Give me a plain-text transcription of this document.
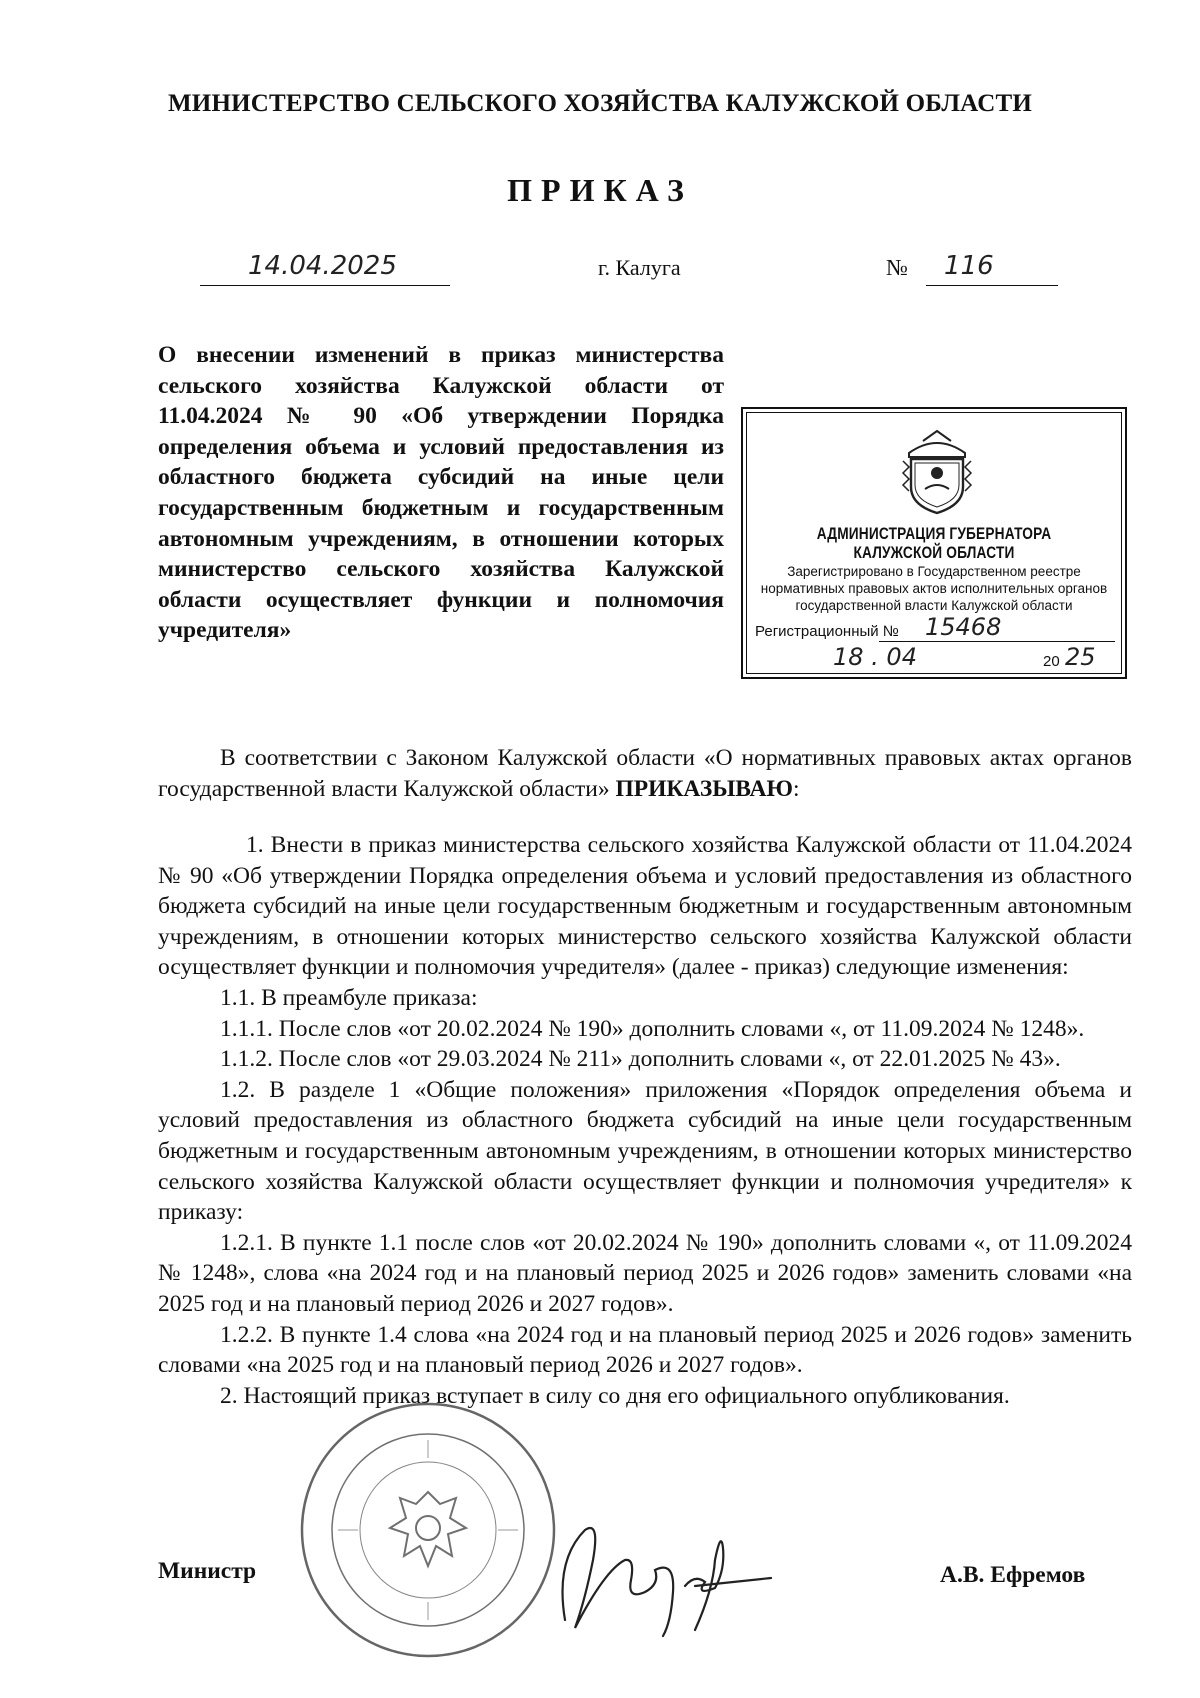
МИНИСТЕРСТВО СЕЛЬСКОГО ХОЗЯЙСТВА КАЛУЖСКОЙ ОБЛАСТИ
ПРИКАЗ
14.04.2025	г. Калуга	№ 116
О внесении изменений в приказ министерства сельского хозяйства Калужской области от 11.04.2024 № 90 «Об утверждении Порядка определения объема и условий предоставления из областного бюджета субсидий на иные цели государственным бюджетным и государственным автономным учреждениям, в отношении которых министерство сельского хозяйства Калужской области осуществляет функции и полномочия учредителя»
АДМИНИСТРАЦИЯ ГУБЕРНАТОРА КАЛУЖСКОЙ ОБЛАСТИ
Зарегистрировано в Государственном реестре нормативных правовых актов исполнительных органов государственной власти Калужской области
Регистрационный № 15468
18 . 04	20 25
В соответствии с Законом Калужской области «О нормативных правовых актах органов государственной власти Калужской области» ПРИКАЗЫВАЮ:

1. Внести в приказ министерства сельского хозяйства Калужской области от 11.04.2024 № 90 «Об утверждении Порядка определения объема и условий предоставления из областного бюджета субсидий на иные цели государственным бюджетным и государственным автономным учреждениям, в отношении которых министерство сельского хозяйства Калужской области осуществляет функции и полномочия учредителя» (далее - приказ) следующие изменения:

1.1. В преамбуле приказа:

1.1.1. После слов «от 20.02.2024 № 190» дополнить словами «, от 11.09.2024 № 1248».

1.1.2. После слов «от 29.03.2024 № 211» дополнить словами «, от 22.01.2025 № 43».

1.2. В разделе 1 «Общие положения» приложения «Порядок определения объема и условий предоставления из областного бюджета субсидий на иные цели государственным бюджетным и государственным автономным учреждениям, в отношении которых министерство сельского хозяйства Калужской области осуществляет функции и полномочия учредителя» к приказу:

1.2.1. В пункте 1.1 после слов «от 20.02.2024 № 190» дополнить словами «, от 11.09.2024 № 1248», слова «на 2024 год и на плановый период 2025 и 2026 годов» заменить словами «на 2025 год и на плановый период 2026 и 2027 годов».

1.2.2. В пункте 1.4 слова «на 2024 год и на плановый период 2025 и 2026 годов» заменить словами «на 2025 год и на плановый период 2026 и 2027 годов».

2. Настоящий приказ вступает в силу со дня его официального опубликования.

Министр	А.В. Ефремов
